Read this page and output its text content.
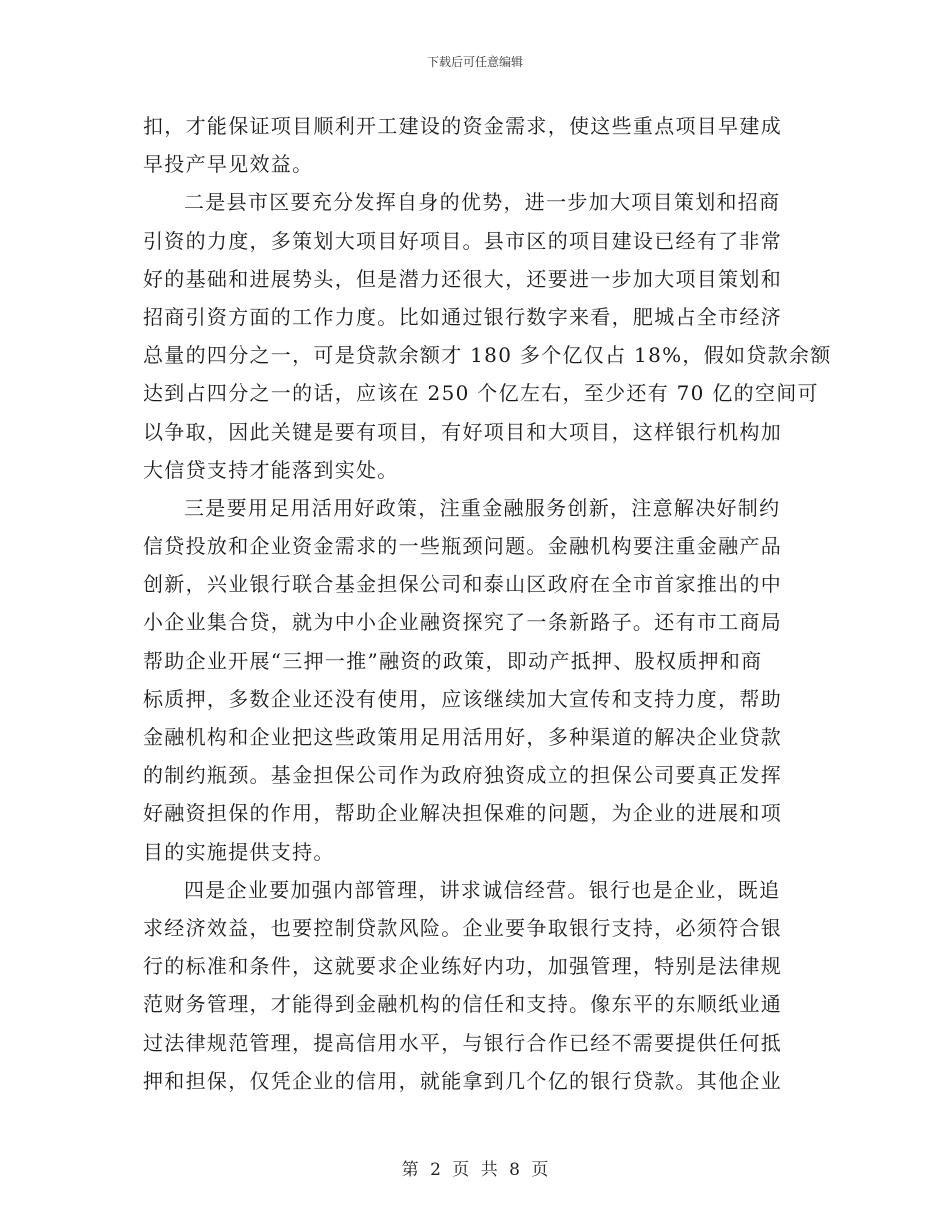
下载后可任意编辑
扣，才能保证项目顺利开工建设的资金需求，使这些重点项目早建成
早投产早见效益。
二是县市区要充分发挥自身的优势，进一步加大项目策划和招商
引资的力度，多策划大项目好项目。县市区的项目建设已经有了非常
好的基础和进展势头，但是潜力还很大，还要进一步加大项目策划和
招商引资方面的工作力度。比如通过银行数字来看，肥城占全市经济
总量的四分之一，可是贷款余额才 180 多个亿仅占 18%，假如贷款余额
达到占四分之一的话，应该在 250 个亿左右，至少还有 70 亿的空间可
以争取，因此关键是要有项目，有好项目和大项目，这样银行机构加
大信贷支持才能落到实处。
三是要用足用活用好政策，注重金融服务创新，注意解决好制约
信贷投放和企业资金需求的一些瓶颈问题。金融机构要注重金融产品
创新，兴业银行联合基金担保公司和泰山区政府在全市首家推出的中
小企业集合贷，就为中小企业融资探究了一条新路子。还有市工商局
帮助企业开展“三押一推”融资的政策，即动产抵押、股权质押和商
标质押，多数企业还没有使用，应该继续加大宣传和支持力度，帮助
金融机构和企业把这些政策用足用活用好，多种渠道的解决企业贷款
的制约瓶颈。基金担保公司作为政府独资成立的担保公司要真正发挥
好融资担保的作用，帮助企业解决担保难的问题，为企业的进展和项
目的实施提供支持。
四是企业要加强内部管理，讲求诚信经营。银行也是企业，既追
求经济效益，也要控制贷款风险。企业要争取银行支持，必须符合银
行的标准和条件，这就要求企业练好内功，加强管理，特别是法律规
范财务管理，才能得到金融机构的信任和支持。像东平的东顺纸业通
过法律规范管理，提高信用水平，与银行合作已经不需要提供任何抵
押和担保，仅凭企业的信用，就能拿到几个亿的银行贷款。其他企业
第 2 页 共 8 页
